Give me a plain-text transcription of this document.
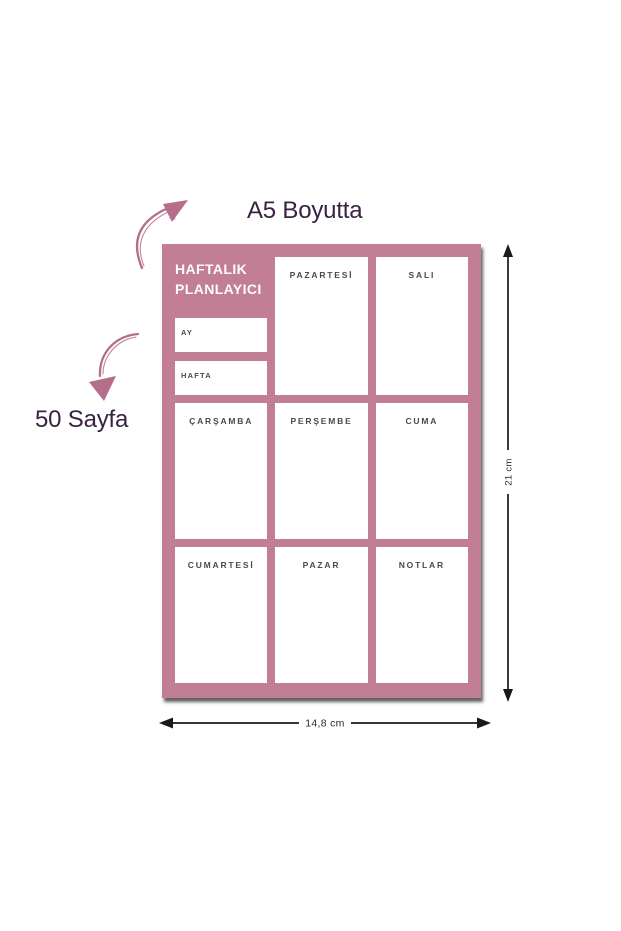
A5 Boyutta
50 Sayfa
HAFTALIK PLANLAYICI
AY
HAFTA
PAZARTESİ	SALI
ÇARŞAMBA	PERŞEMBE	CUMA
CUMARTESİ	PAZAR	NOTLAR
21 cm
14,8 cm
